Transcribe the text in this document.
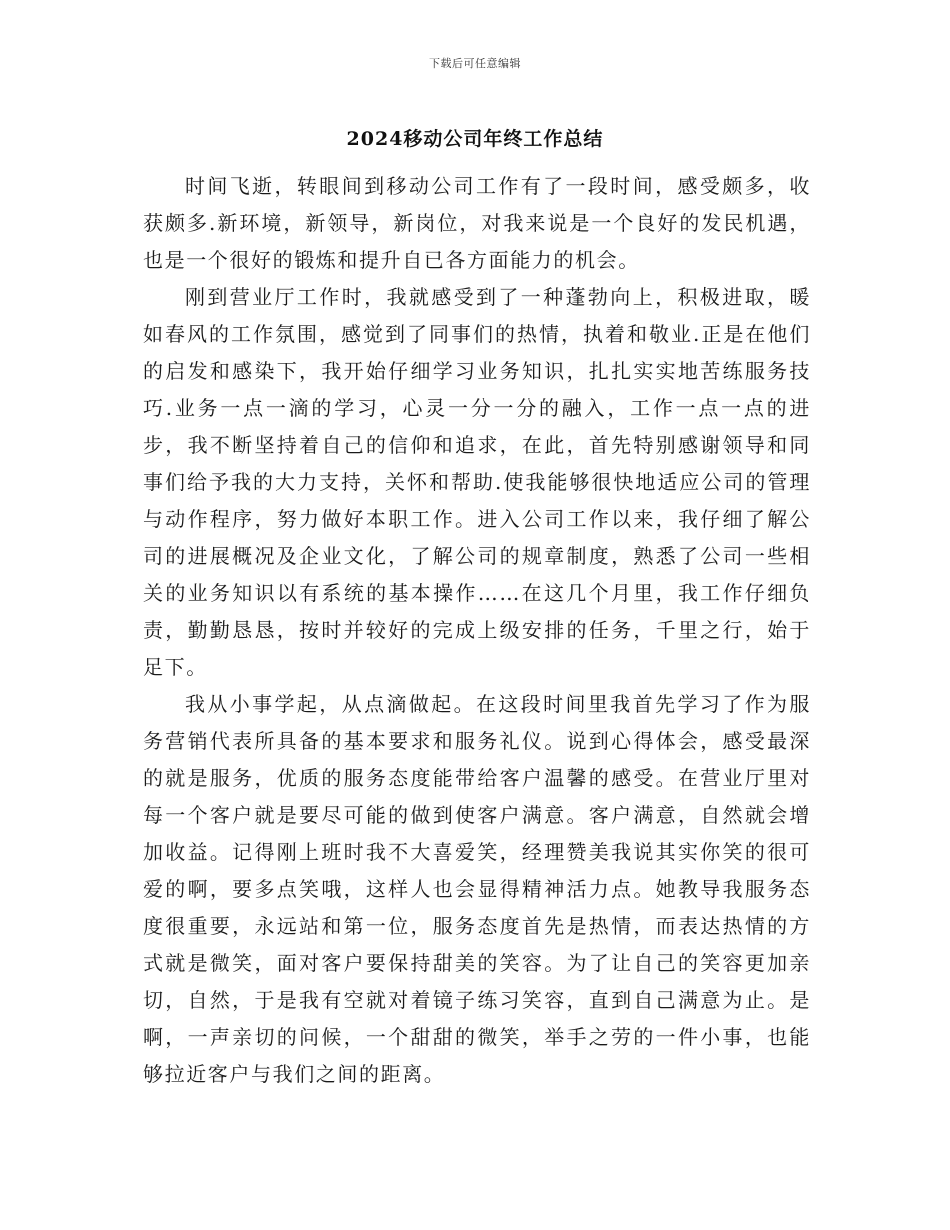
下载后可任意编辑
2024移动公司年终工作总结

时间飞逝，转眼间到移动公司工作有了一段时间，感受颇多，收获颇多.新环境，新领导，新岗位，对我来说是一个良好的发民机遇，也是一个很好的锻炼和提升自已各方面能力的机会。

刚到营业厅工作时，我就感受到了一种蓬勃向上，积极进取，暖如春风的工作氛围，感觉到了同事们的热情，执着和敬业.正是在他们的启发和感染下，我开始仔细学习业务知识，扎扎实实地苦练服务技巧.业务一点一滴的学习，心灵一分一分的融入，工作一点一点的进步，我不断坚持着自己的信仰和追求，在此，首先特别感谢领导和同事们给予我的大力支持，关怀和帮助.使我能够很快地适应公司的管理与动作程序，努力做好本职工作。进入公司工作以来，我仔细了解公司的进展概况及企业文化，了解公司的规章制度，熟悉了公司一些相关的业务知识以有系统的基本操作……在这几个月里，我工作仔细负责，勤勤恳恳，按时并较好的完成上级安排的任务，千里之行，始于足下。

我从小事学起，从点滴做起。在这段时间里我首先学习了作为服务营销代表所具备的基本要求和服务礼仪。说到心得体会，感受最深的就是服务，优质的服务态度能带给客户温馨的感受。在营业厅里对每一个客户就是要尽可能的做到使客户满意。客户满意，自然就会增加收益。记得刚上班时我不大喜爱笑，经理赞美我说其实你笑的很可爱的啊，要多点笑哦，这样人也会显得精神活力点。她教导我服务态度很重要，永远站和第一位，服务态度首先是热情，而表达热情的方式就是微笑，面对客户要保持甜美的笑容。为了让自己的笑容更加亲切，自然，于是我有空就对着镜子练习笑容，直到自己满意为止。是啊，一声亲切的问候，一个甜甜的微笑，举手之劳的一件小事，也能够拉近客户与我们之间的距离。
